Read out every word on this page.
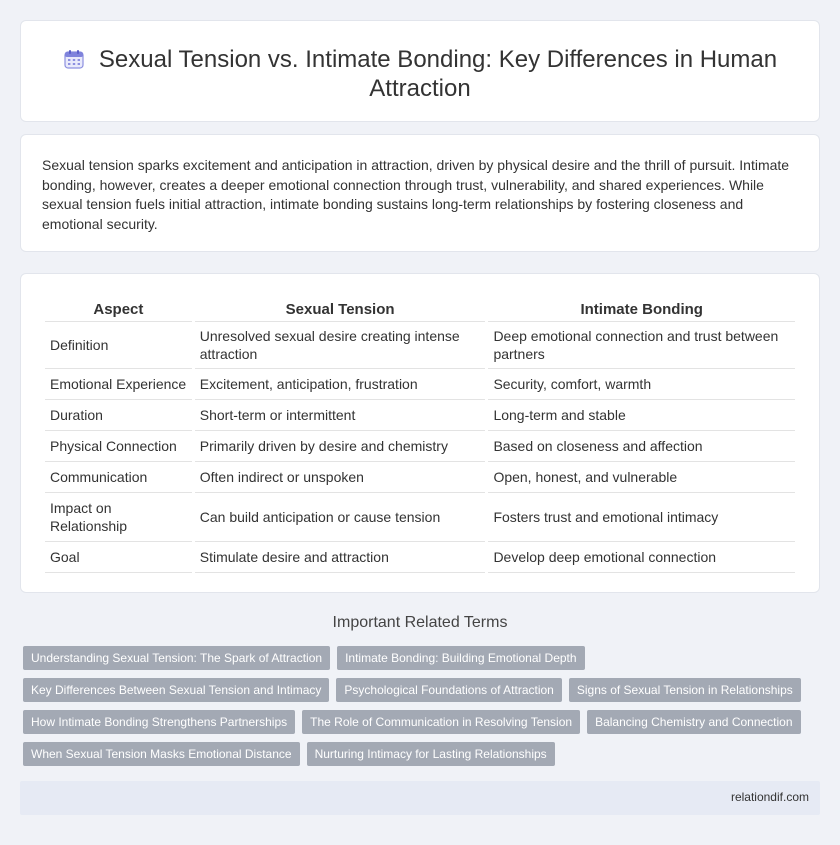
Sexual Tension vs. Intimate Bonding: Key Differences in Human Attraction

Sexual tension sparks excitement and anticipation in attraction, driven by physical desire and the thrill of pursuit. Intimate bonding, however, creates a deeper emotional connection through trust, vulnerability, and shared experiences. While sexual tension fuels initial attraction, intimate bonding sustains long-term relationships by fostering closeness and emotional security.

Aspect	Sexual Tension	Intimate Bonding
Definition	Unresolved sexual desire creating intense attraction	Deep emotional connection and trust between partners
Emotional Experience	Excitement, anticipation, frustration	Security, comfort, warmth
Duration	Short-term or intermittent	Long-term and stable
Physical Connection	Primarily driven by desire and chemistry	Based on closeness and affection
Communication	Often indirect or unspoken	Open, honest, and vulnerable
Impact on Relationship	Can build anticipation or cause tension	Fosters trust and emotional intimacy
Goal	Stimulate desire and attraction	Develop deep emotional connection
Important Related Terms
Understanding Sexual Tension: The Spark of Attraction	Intimate Bonding: Building Emotional Depth
Key Differences Between Sexual Tension and Intimacy	Psychological Foundations of Attraction	Signs of Sexual Tension in Relationships
How Intimate Bonding Strengthens Partnerships	The Role of Communication in Resolving Tension	Balancing Chemistry and Connection
When Sexual Tension Masks Emotional Distance	Nurturing Intimacy for Lasting Relationships
relationdif.com
